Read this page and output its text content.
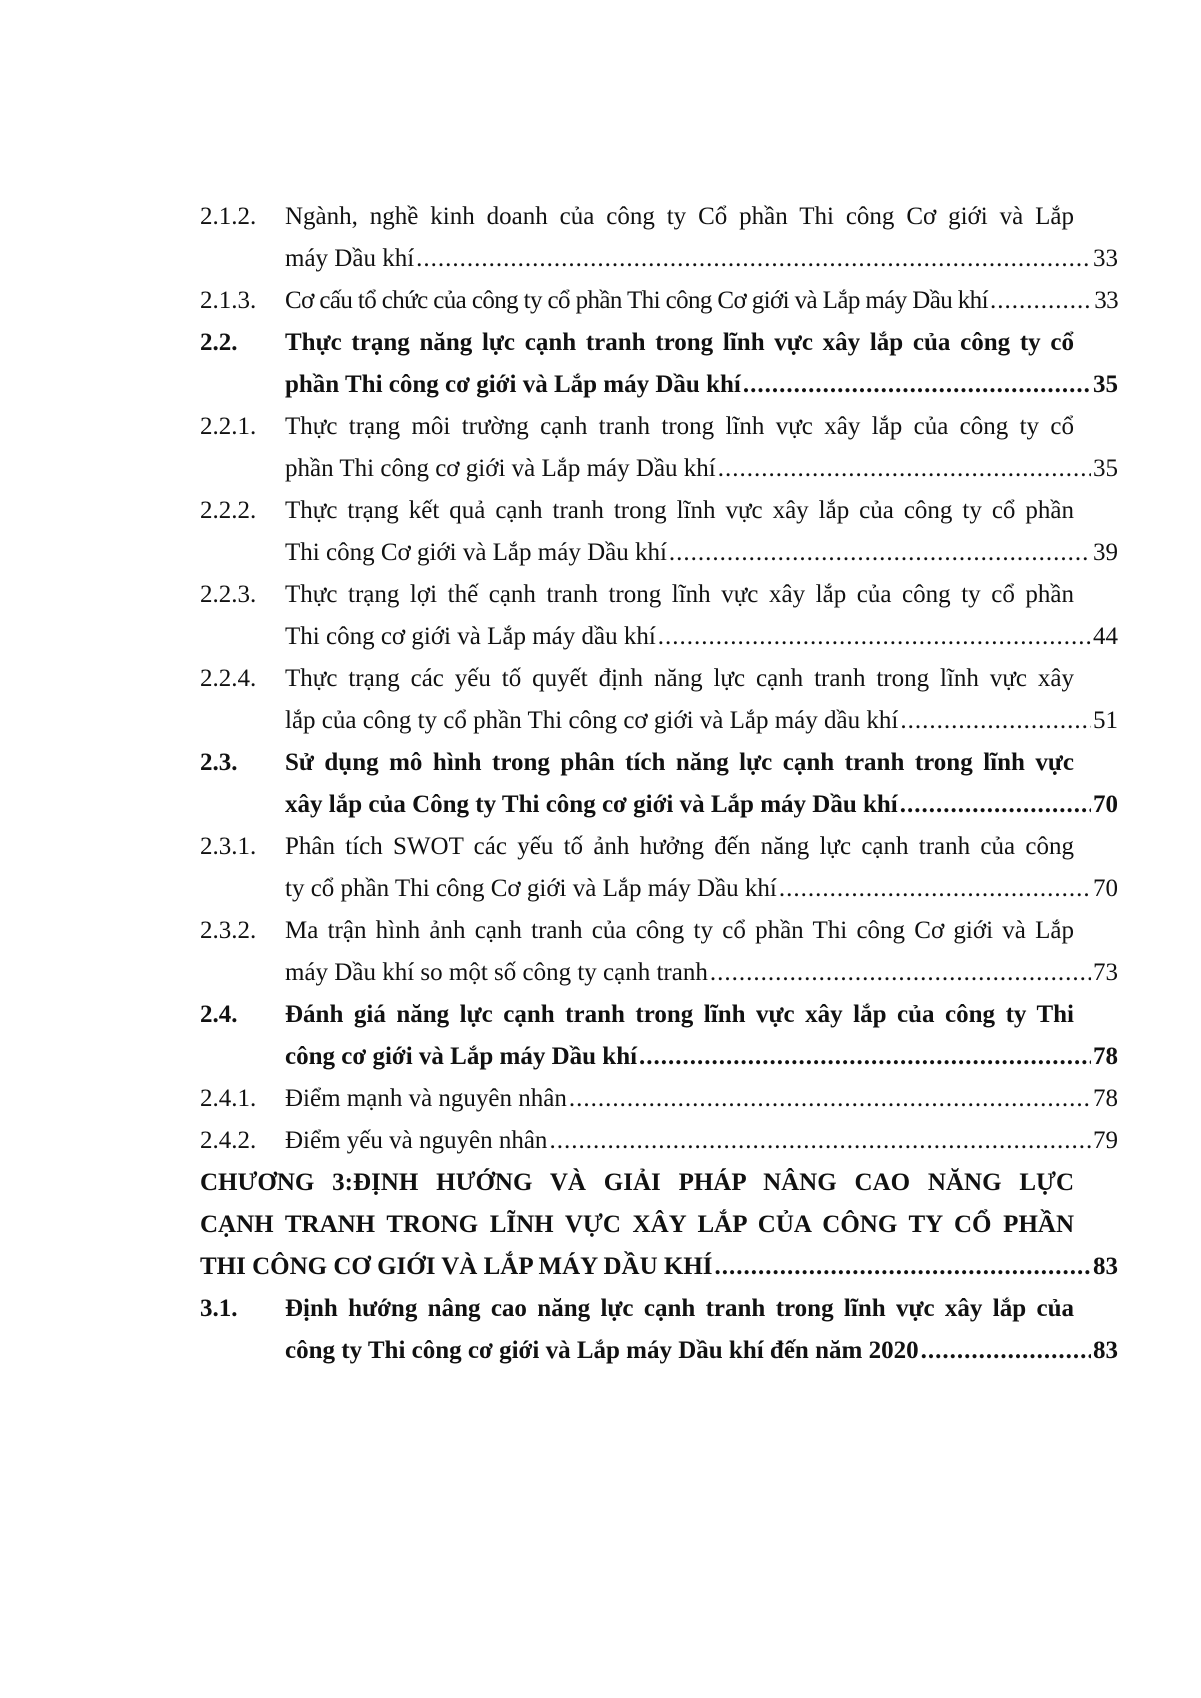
2.1.2.	Ngành, nghề kinh doanh của công ty Cổ phần Thi công Cơ giới và Lắp
máy Dầu khí .....	33
2.1.3. Cơ cấu tổ chức của công ty cổ phần Thi công Cơ giới và Lắp máy Dầu khí .....	33
2.2.	Thực trạng năng lực cạnh tranh trong lĩnh vực xây lắp của công ty cổ
phần Thi công cơ giới và Lắp máy Dầu khí .....	35
2.2.1.	Thực trạng môi trường cạnh tranh trong lĩnh vực xây lắp của công ty cổ
phần Thi công cơ giới và Lắp máy Dầu khí .....	35
2.2.2.	Thực trạng kết quả cạnh tranh trong lĩnh vực xây lắp của công ty cổ phần
Thi công Cơ giới và Lắp máy Dầu khí .....	39
2.2.3.	Thực trạng lợi thế cạnh tranh trong lĩnh vực xây lắp của công ty cổ phần
Thi công cơ giới và Lắp máy dầu khí .....	44
2.2.4.	Thực trạng các yếu tố quyết định năng lực cạnh tranh trong lĩnh vực xây
lắp của công ty cổ phần Thi công cơ giới và Lắp máy dầu khí .....	51
2.3.	Sử dụng mô hình trong phân tích năng lực cạnh tranh trong lĩnh vực
xây lắp của Công ty Thi công cơ giới và Lắp máy Dầu khí .....	70
2.3.1.	Phân tích SWOT các yếu tố ảnh hưởng đến năng lực cạnh tranh của công
ty cổ phần Thi công Cơ giới và Lắp máy Dầu khí .....	70
2.3.2.	Ma trận hình ảnh cạnh tranh của công ty cổ phần Thi công Cơ giới và Lắp
máy Dầu khí so một số công ty cạnh tranh .....	73
2.4.	Đánh giá năng lực cạnh tranh trong lĩnh vực xây lắp của công ty Thi
công cơ giới và Lắp máy Dầu khí .....	78
2.4.1. Điểm mạnh và nguyên nhân .....	78
2.4.2. Điểm yếu và nguyên nhân .....	79
CHƯƠNG 3:ĐỊNH HƯỚNG VÀ GIẢI PHÁP NÂNG CAO NĂNG LỰC
CẠNH TRANH TRONG LĨNH VỰC XÂY LẮP CỦA CÔNG TY CỔ PHẦN
THI CÔNG CƠ GIỚI VÀ LẮP MÁY DẦU KHÍ .....	83
3.1.	Định hướng nâng cao năng lực cạnh tranh trong lĩnh vực xây lắp của
công ty Thi công cơ giới và Lắp máy Dầu khí đến năm 2020 .....	83
